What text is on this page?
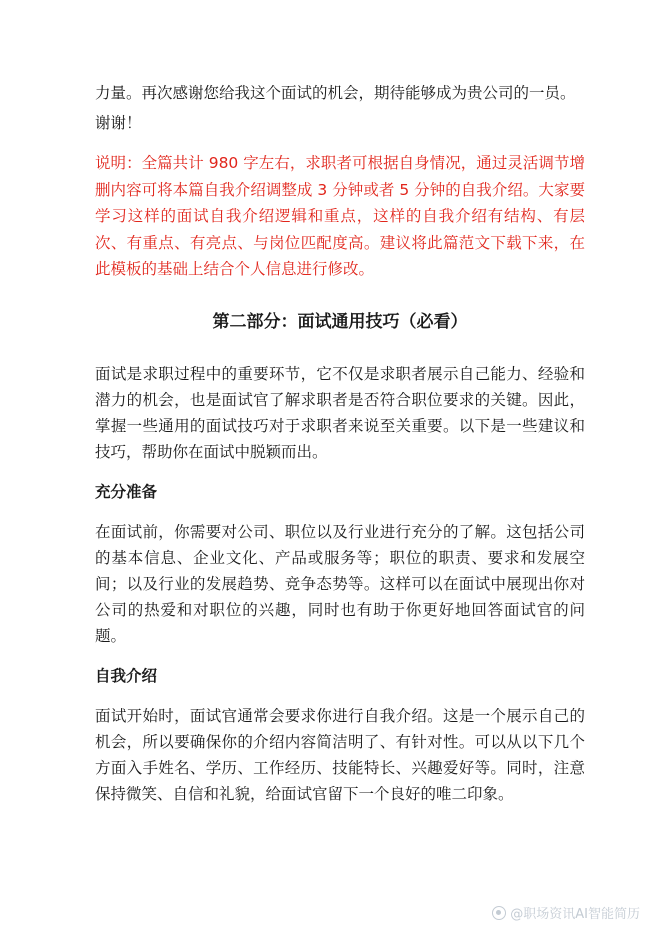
力量。再次感谢您给我这个面试的机会，期待能够成为贵公司的一员。

谢谢！

说明：全篇共计 980 字左右，求职者可根据自身情况，通过灵活调节增删内容可将本篇自我介绍调整成 3 分钟或者 5 分钟的自我介绍。大家要学习这样的面试自我介绍逻辑和重点，这样的自我介绍有结构、有层次、有重点、有亮点、与岗位匹配度高。建议将此篇范文下载下来，在此模板的基础上结合个人信息进行修改。

第二部分：面试通用技巧（必看）

面试是求职过程中的重要环节，它不仅是求职者展示自己能力、经验和潜力的机会，也是面试官了解求职者是否符合职位要求的关键。因此，掌握一些通用的面试技巧对于求职者来说至关重要。以下是一些建议和技巧，帮助你在面试中脱颖而出。

充分准备

在面试前，你需要对公司、职位以及行业进行充分的了解。这包括公司的基本信息、企业文化、产品或服务等；职位的职责、要求和发展空间；以及行业的发展趋势、竞争态势等。这样可以在面试中展现出你对公司的热爱和对职位的兴趣，同时也有助于你更好地回答面试官的问题。

自我介绍

面试开始时，面试官通常会要求你进行自我介绍。这是一个展示自己的机会，所以要确保你的介绍内容简洁明了、有针对性。可以从以下几个方面入手姓名、学历、工作经历、技能特长、兴趣爱好等。同时，注意保持微笑、自信和礼貌，给面试官留下一个良好的唯二印象。

@职场资讯AI智能简历
